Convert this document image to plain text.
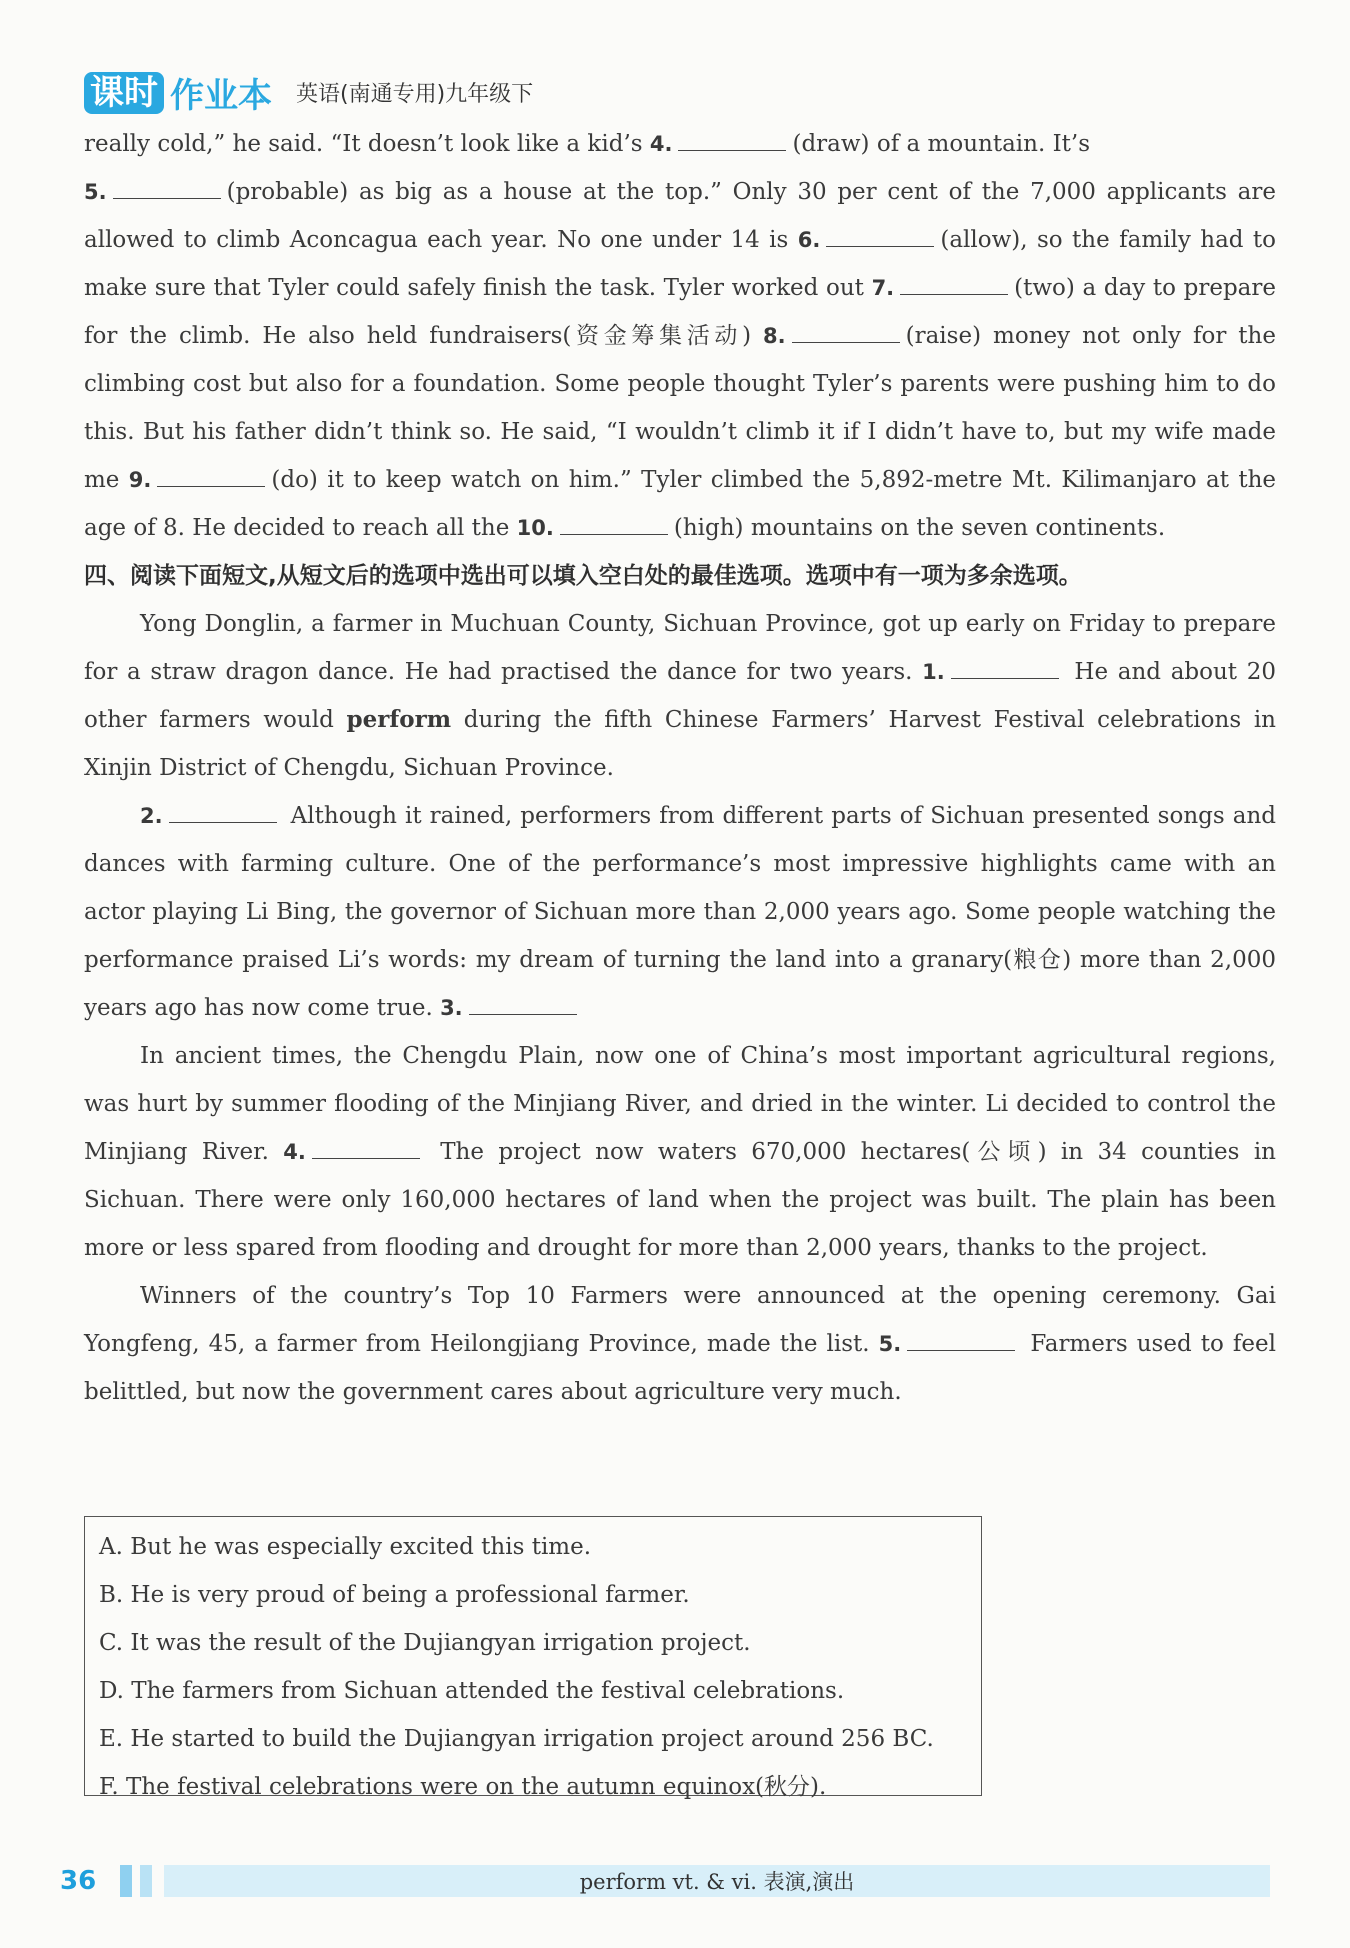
课时 作业本 英语(南通专用)九年级下

really cold,” he said. “It doesn’t look like a kid’s 4.	(draw) of a mountain. It’s
5.	(probable) as big as a house at the top.” Only 30 per cent of the 7,000 applicants are allowed to climb Aconcagua each year. No one under 14 is 6.	(allow), so the family had to make sure that Tyler could safely finish the task. Tyler worked out 7.	(two) a day to prepare for the climb. He also held fundraisers(资金筹集活动) 8.	(raise) money not only for the climbing cost but also for a foundation. Some people thought Tyler’s parents were pushing him to do this. But his father didn’t think so. He said, “I wouldn’t climb it if I didn’t have to, but my wife made me 9.	(do) it to keep watch on him.” Tyler climbed the 5,892-metre Mt. Kilimanjaro at the age of 8. He decided to reach all the 10.	(high) mountains on the seven continents.

四、阅读下面短文,从短文后的选项中选出可以填入空白处的最佳选项。选项中有一项为多余选项。

Yong Donglin, a farmer in Muchuan County, Sichuan Province, got up early on Friday to prepare for a straw dragon dance. He had practised the dance for two years. 1.	He and about 20 other farmers would perform during the fifth Chinese Farmers’ Harvest Festival celebrations in Xinjin District of Chengdu, Sichuan Province.

2.	Although it rained, performers from different parts of Sichuan presented songs and dances with farming culture. One of the performance’s most impressive highlights came with an actor playing Li Bing, the governor of Sichuan more than 2,000 years ago. Some people watching the performance praised Li’s words: my dream of turning the land into a granary(粮仓) more than 2,000 years ago has now come true. 3.

In ancient times, the Chengdu Plain, now one of China’s most important agricultural regions, was hurt by summer flooding of the Minjiang River, and dried in the winter. Li decided to control the Minjiang River. 4.	The project now waters 670,000 hectares(公顷) in 34 counties in Sichuan. There were only 160,000 hectares of land when the project was built. The plain has been more or less spared from flooding and drought for more than 2,000 years, thanks to the project.

Winners of the country’s Top 10 Farmers were announced at the opening ceremony. Gai Yongfeng, 45, a farmer from Heilongjiang Province, made the list. 5.	Farmers used to feel belittled, but now the government cares about agriculture very much.

A. But he was especially excited this time.
B. He is very proud of being a professional farmer.
C. It was the result of the Dujiangyan irrigation project.
D. The farmers from Sichuan attended the festival celebrations.
E. He started to build the Dujiangyan irrigation project around 256 BC.
F. The festival celebrations were on the autumn equinox(秋分).
36	perform vt. & vi. 表演,演出
